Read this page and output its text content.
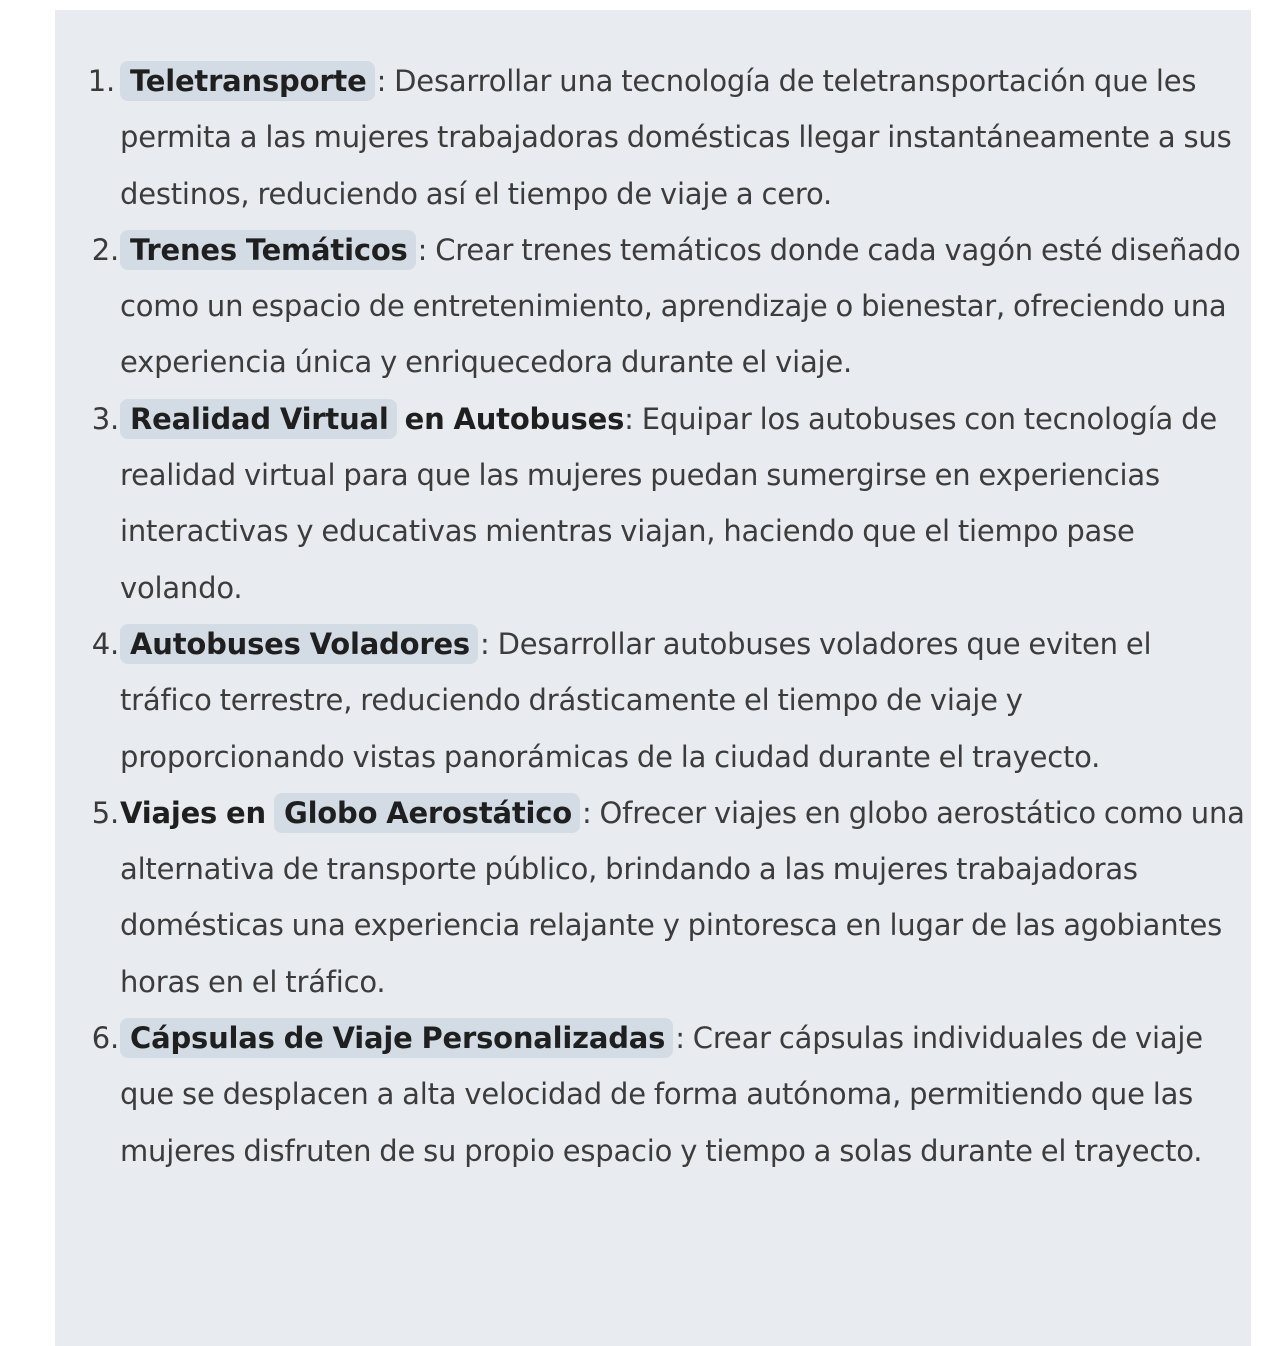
1. Teletransporte : Desarrollar una tecnología de teletransportación que les permita a las mujeres trabajadoras domésticas llegar instantáneamente a sus destinos, reduciendo así el tiempo de viaje a cero.
2. Trenes Temáticos : Crear trenes temáticos donde cada vagón esté diseñado como un espacio de entretenimiento, aprendizaje o bienestar, ofreciendo una experiencia única y enriquecedora durante el viaje.
3. Realidad Virtual en Autobuses: Equipar los autobuses con tecnología de realidad virtual para que las mujeres puedan sumergirse en experiencias interactivas y educativas mientras viajan, haciendo que el tiempo pase volando.
4. Autobuses Voladores : Desarrollar autobuses voladores que eviten el tráfico terrestre, reduciendo drásticamente el tiempo de viaje y proporcionando vistas panorámicas de la ciudad durante el trayecto.
5. Viajes en Globo Aerostático : Ofrecer viajes en globo aerostático como una alternativa de transporte público, brindando a las mujeres trabajadoras domésticas una experiencia relajante y pintoresca en lugar de las agobiantes horas en el tráfico.
6. Cápsulas de Viaje Personalizadas : Crear cápsulas individuales de viaje que se desplacen a alta velocidad de forma autónoma, permitiendo que las mujeres disfruten de su propio espacio y tiempo a solas durante el trayecto.
